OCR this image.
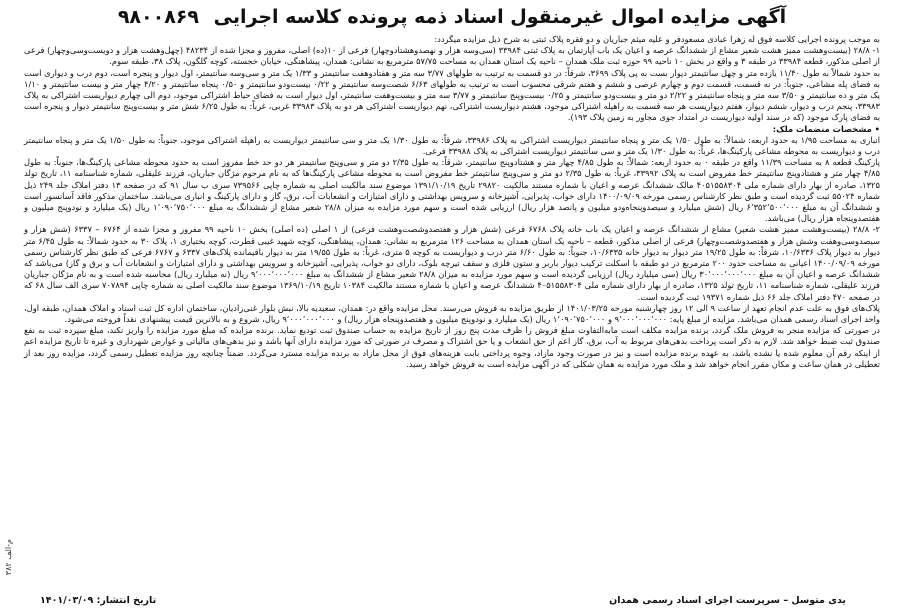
آگهی مزایده اموال غیرمنقول اسناد ذمه پرونده کلاسه اجرایی ۹۸۰۰۸۶۹

به موجب پرونده اجرایی کلاسه فوق له زهرا عبادی مسعودفر و علیه میثم جباریان و دو فقره پلاک ثبتی به شرح ذیل مزایده میگردد:

۱- ۲۸/۸ (بیست‌وهشت ممیز هشت شعیر مشاع از ششدانگ عرصه و اعیان یک باب آپارتمان به پلاک ثبتی ۳۳۹۸۴ (سی‌وسه هزار و نهصدوهشتادوچهار) فرعی از ۱۰(ده) اصلی، مفروز و مجزا شده از ۴۸۲۳۴ (چهل‌وهشت هزار و دویست‌وسی‌وچهار) فرعی از اصلی مذکور، قطعه ۳۳۹۸۴ در طبقه ۳ و واقع در بخش ۱۰ ناحیه ۹۹ حوزه ثبت ملک همدان – ناحیه یک استان همدان به مساحت ۵۷/۷۵ مترمربع به نشانی: همدان، پیشاهنگی، خیابان خجسته، کوچه گلگون، پلاک ۳۸، طبقه سوم.

به حدود شمالاً به طول ۱۱/۴۰ یازده متر و چهل سانتیمتر دیوار بست به پی پلاک ۳۶۹۹، شرقاً: در دو قسمت به ترتیب به طولهای ۳/۷۷ سه متر و هفتادوهفت سانتیمتر و ۱/۳۳ یک متر و سی‌وسه سانتیمتر، اول دیوار و پنجره است، دوم درب و دیواری است به فضای پله مشاعی، جنوباً: در نه قسمت، قسمت دوم و چهارم عرصی و ششم و هفتم شرقی محسوب است به ترتیب به طولهای ۶/۶۳ شصت‌وسه سانتیمتر و ۰/۲۲ بیست‌ودو سانتیمتر و ۰/۵۰ پنجاه سانتیمتر و ۴/۲۰ چهار متر و بیست سانتیمتر و ۱/۱۰ یک متر و ده سانتیمتر و ۳/۵۰ سه متر و پنجاه سانتیمتر و ۲/۲۲ دو متر و بیست‌ودو سانتیمتر و ۰/۲۵ بیست‌وپنج سانتیمتر و ۳/۷۷ سه متر و بیست‌وهفت سانتیمتر، اول دیوار است به فضای حیاط اشتراکی موجود، دوم الی چهارم دیواریست اشتراکی به پلاک ۳۳۹۸۳، پنجم درب و دیوار، ششم دیوار، هفتم دیواریست هر سه قسمت به راهپله اشتراکی موجود، هشتم دیواریست اشتراکی، نهم دیواریست اشتراکی هر دو به پلاک ۳۳۹۸۳ غربی، غرباً: به طول ۶/۲۵ شش متر و بیست‌وپنج سانتیمتر دیوار و پنجره است به فضای پارک موجود (که در سند اولیه دیواریست در امتداد جوی مجاور به زمین پلاک ۱۹۳).

• مشخصات منضمات ملک:

انباری به مساحت ۱/۹۵ به حدود اربعه: شمالاً: به طول ۱/۵۰ یک متر و پنجاه سانتیمتر دیواریست اشتراکی به پلاک ۳۳۹۸۶، شرقاً: به طول ۱/۳۰ یک متر و سی سانتیمتر دیواریست به راهپله اشتراکی موجود، جنوباً: به طول ۱/۵۰ یک متر و پنجاه سانتیمتر درب و دیواریست به محوطه مشاعی پارکینگ‌ها، غرباً: به طول ۱/۳۰ یک متر و سی سانتیمتر دیواریست اشتراکی به پلاک ۳۳۹۸۸ فرعی.

پارکینگ قطعه ۸ به مساحت ۱۱/۳۹ واقع در طبقه ۰ به حدود اربعه: شمالاً: به طول ۴/۸۵ چهار متر و هشتادوپنج سانتیمتر، شرقاً: به طول ۲/۳۵ دو متر و سی‌وپنج سانتیمتر هر دو حد خط مفروز است به حدود محوطه مشاعی پارکینگ‌ها، جنوباً: به طول ۴/۸۵ چهار متر و هشتادوپنج سانتیمتر خط مفروض است به پلاک ۳۳۹۹۲، غرباً: به طول ۲/۳۵ دو متر و سی‌وپنج سانتیمتر خط مفروض است به محوطه مشاعی پارکینگ‌ها که به نام مرحوم مژگان جباریان، فرزند علیقلی، شماره شناسنامه ۱۱، تاریخ تولد ۱۳۲۵، صادره از بهار دارای شماره ملی ۴۰۵۱۵۵۸۳۰۴ مالک ششدانگ عرصه و اعیان با شماره مستند مالکیت ۲۹۸۲۰ تاریخ ۱۳۹۱/۱۰/۱۹ موضوع سند مالکیت اصلی به شماره چاپی ۷۳۹۵۶۶ سری ب سال ۹۱ که در صفحه ۱۳ دفتر املاک جلد ۲۴۹ ذیل شماره ۵۵۰۲۴ ثبت گردیده است و طبق نظر کارشناس رسمی مورخه ۱۴۰۰/۰۹/۰۹ دارای خواب، پذیرایی، آشپزخانه و سرویس بهداشتی و دارای امتیازات و انشعابات آب، برق، گاز و دارای پارکینگ و انباری می‌باشد. ساختمان مذکور فاقد آسانسور است و ششدانگ آن به مبلغ ۶٬۳۵۲٬۵۰۰٬۰۰۰ ریال (شش میلیارد و سیصدوپنجاه‌ودو میلیون و پانصد هزار ریال) ارزیابی شده است و سهم مورد مزایده به میزان ۲۸/۸ شعیر مشاع از ششدانگ به مبلغ ۱٬۰۹۰٬۷۵۰٬۰۰۰ ریال (یک میلیارد و نودوپنج میلیون و هفتصدوپنجاه هزار ریال) می‌باشد.

۲- ۲۸/۸ (بیست‌وهشت ممیز هشت شعیر) مشاع از ششدانگ عرصه و اعیان یک باب خانه پلاک ۶۷۶۸ فرعی (شش هزار و هفتصدوشصت‌وهشت فرعی) از ۱ اصلی (ده اصلی) بخش ۱۰ ناحیه ۹۹ مفروز و مجزا شده از ۶۷۶۴ – ۶۳۳۷ (شش هزار و سیصدوسی‌وهفت وشش هزار و هفتصدوشصت‌وچهار) فرعی از اصلی مذکور، قطعه – ناحیه یک استان همدان به مساحت ۱۲۶ مترمربع به نشانی: همدان، پیشاهنگی، کوچه شهید غیبی قطرت، کوچه بختیاری ۱، پلاک ۳۰ به حدود شمالاً: به طول ۶/۴۵ متر دیوار به دیوار پلاک ۱۰/۶۳۳۶، شرقاً: به طول ۱۹/۲۵ متر دیوار به دیوار خانه ۱۰/۶۳۳۵، جنوباً: به طول ۶/۶۰ متر درب و دیواریست به کوچه ۵ متری، غرباً: به طول ۱۹/۵۵ متر به دیوار باقیمانده پلاک‌های ۶۳۳۷ و ۶۷۶۷ فرعی که طبق نظر کارشناس رسمی مورخه ۱۴۰۰/۰۹/۰۹ اعیانی به مساحت حدود ۲۰۰ مترمربع در دو طبقه با اسکلت ترکیب دیوار باربر و ستون فلزی و سقف تیرچه بلوک، دارای دو خواب، پذیرایی، آشپزخانه و سرویس بهداشتی و دارای امتیازات و انشعابات آب و برق و گاز) می‌باشد که ششدانگ عرصه و اعیان آن به مبلغ ۳۰٬۰۰۰٬۰۰۰٬۰۰۰ ریال (سی میلیارد ریال) ارزیابی گردیده است و سهم مورد مزایده به میزان ۲۸/۸ شعیر مشاع از ششدانگ به مبلغ ۹٬۰۰۰٬۰۰۰٬۰۰۰ ریال (نه میلیارد ریال) محاسبه شده است و به نام مژگان جباریان فرزند علیقلی، شماره شناسنامه ۱۱، تاریخ تولد ۱۳۲۵، صادره از بهار دارای شماره ملی ۴۰۵۱۵۵۸۳۰۴ ششدانگ عرصه و اعیان با شماره مستند مالکیت ۱۰۳۸۴ تاریخ ۱۳۶۹/۱۰/۱۹ موضوع سند مالکیت اصلی به شماره چاپی ۷۰۷۸۹۴ سری الف سال ۶۸ که در صفحه ۴۷۰ دفتر املاک جلد ۶۶ ذیل شماره ۱۹۳۷۱ ثبت گردیده است.

پلاک‌های فوق به علت عدم انجام تعهد از ساعت ۹ الی ۱۲ روز چهارشنبه مورخه ۱۴۰۱/۰۳/۲۵ از طریق مزایده به فروش می‌رسند. محل مزایده واقع در: همدان، سعیدیه بالا، نبش بلوار غنی‌زادیان، ساختمان اداره کل ثبت اسناد و املاک همدان، طبقه اول، واحد اجرای اسناد رسمی همدان می‌باشد. مزایده از مبلغ پایه: ۹٬۰۰۰٬۰۰۰٬۰۰۰ و ۱٬۰۹۰٬۷۵۰٬۰۰۰ ریال (یک میلیارد و نودوپنج میلیون و هفتصدوپنجاه هزار ریال) و ۹٬۰۰۰٬۰۰۰٬۰۰۰ ریال، شروع و به بالاترین قیمت پیشنهادی نقداً فروخته می‌شود.

در صورتی که مزایده منجر به فروش ملک گردد، برنده مزایده مکلف است مابه‌التفاوت مبلغ فروش را ظرف مدت پنج روز از تاریخ مزایده به حساب صندوق ثبت تودیع نماید. برنده مزایده که مبلغ مورد مزایده را واریز نکند، مبلغ سپرده ثبت به نفع صندوق ثبت ضبط خواهد شد. لازم به ذکر است پرداخت بدهی‌های مربوط به آب، برق، گاز اعم از حق انشعاب و یا حق اشتراک و مصرف در صورتی که مورد مزایده دارای آنها باشد و نیز بدهی‌های مالیاتی و عوارض شهرداری و غیره تا تاریخ مزایده اعم از اینکه رقم آن معلوم شده یا نشده باشد، به عهده برنده مزایده است و نیز در صورت وجود مازاد، وجوه پرداختی بابت هزینه‌های فوق از محل مازاد به برنده مزایده مسترد می‌گردد. ضمناً چنانچه روز مزایده تعطیل رسمی گردد، مزایده روز بعد از تعطیلی در همان ساعت و مکان مقرر انجام خواهد شد و ملک مورد مزایده به همان شکلی که در آگهی مزایده است به فروش خواهد رسید.

یدی متوسل – سرپرست اجرای اسناد رسمی همدان
تاریخ انتشار: ۱۴۰۱/۰۳/۰۹
م-الف ۳۸۲
